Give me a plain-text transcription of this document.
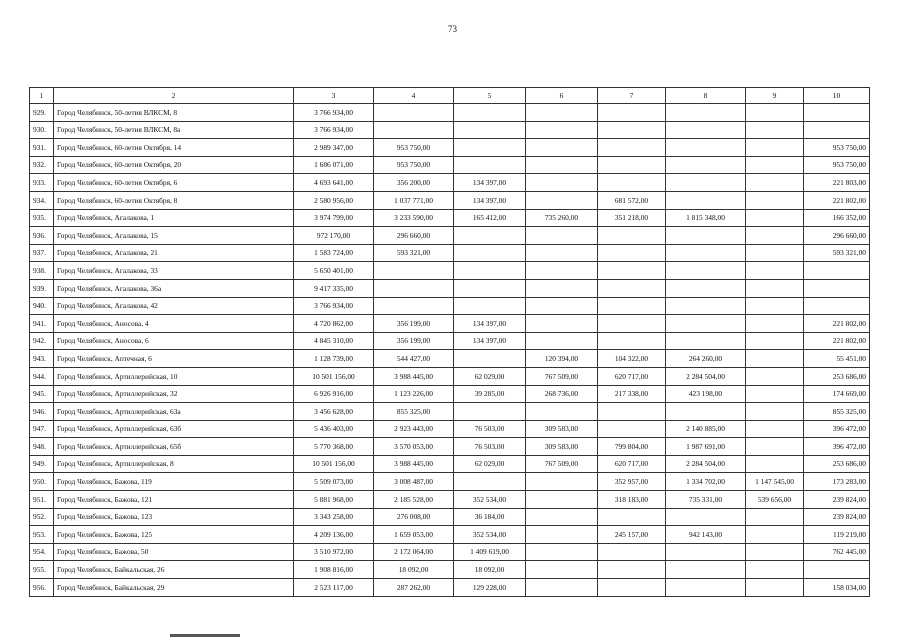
73
1	2	3	4	5	6	7	8	9	10
929.	Город Челябинск, 50-летия ВЛКСМ, 8	3 766 934,00							
930.	Город Челябинск, 50-летия ВЛКСМ, 8а	3 766 934,00							
931.	Город Челябинск, 60-летия Октября, 14	2 989 347,00	953 750,00						953 750,00
932.	Город Челябинск, 60-летия Октября, 20	1 686 071,00	953 750,00						953 750,00
933.	Город Челябинск, 60-летия Октября, 6	4 693 641,00	356 200,00	134 397,00					221 803,00
934.	Город Челябинск, 60-летия Октября, 8	2 580 956,00	1 037 771,00	134 397,00		681 572,00			221 802,00
935.	Город Челябинск, Агалакова, 1	3 974 799,00	3 233 590,00	165 412,00	735 260,00	351 218,00	1 815 348,00		166 352,00
936.	Город Челябинск, Агалакова, 15	972 170,00	296 660,00						296 660,00
937.	Город Челябинск, Агалакова, 21	1 583 724,00	593 321,00						593 321,00
938.	Город Челябинск, Агалакова, 33	5 650 401,00							
939.	Город Челябинск, Агалакова, 36а	9 417 335,00							
940.	Город Челябинск, Агалакова, 42	3 766 934,00							
941.	Город Челябинск, Аносова, 4	4 720 862,00	356 199,00	134 397,00					221 802,00
942.	Город Челябинск, Аносова, 6	4 845 310,00	356 199,00	134 397,00					221 802,00
943.	Город Челябинск, Аптечная, 6	1 128 739,00	544 427,00		120 394,00	104 322,00	264 260,00		55 451,00
944.	Город Челябинск, Артиллерийская, 10	10 501 156,00	3 988 445,00	62 029,00	767 509,00	620 717,00	2 284 504,00		253 686,00
945.	Город Челябинск, Артиллерийская, 32	6 926 916,00	1 123 226,00	39 285,00	268 736,00	217 338,00	423 198,00		174 669,00
946.	Город Челябинск, Артиллерийская, 63а	3 456 628,00	855 325,00						855 325,00
947.	Город Челябинск, Артиллерийская, 63б	5 436 403,00	2 923 443,00	76 503,00	309 583,00		2 140 885,00		396 472,00
948.	Город Челябинск, Артиллерийская, 65б	5 770 368,00	3 570 053,00	76 503,00	309 583,00	799 804,00	1 987 691,00		396 472,00
949.	Город Челябинск, Артиллерийская, 8	10 501 156,00	3 988 445,00	62 029,00	767 509,00	620 717,00	2 284 504,00		253 686,00
950.	Город Челябинск, Бажова, 119	5 509 073,00	3 008 487,00			352 957,00	1 334 702,00	1 147 545,00	173 283,00
951.	Город Челябинск, Бажова, 121	5 881 968,00	2 185 528,00	352 534,00		318 183,00	735 331,00	539 656,00	239 824,00
952.	Город Челябинск, Бажова, 123	3 343 258,00	276 008,00	36 184,00					239 824,00
953.	Город Челябинск, Бажова, 125	4 209 136,00	1 659 053,00	352 534,00		245 157,00	942 143,00		119 219,00
954.	Город Челябинск, Бажова, 50	3 510 972,00	2 172 064,00	1 409 619,00					762 445,00
955.	Город Челябинск, Байкальская, 26	1 908 816,00	18 092,00	18 092,00					
956.	Город Челябинск, Байкальская, 29	2 523 117,00	287 262,00	129 228,00					158 034,00
